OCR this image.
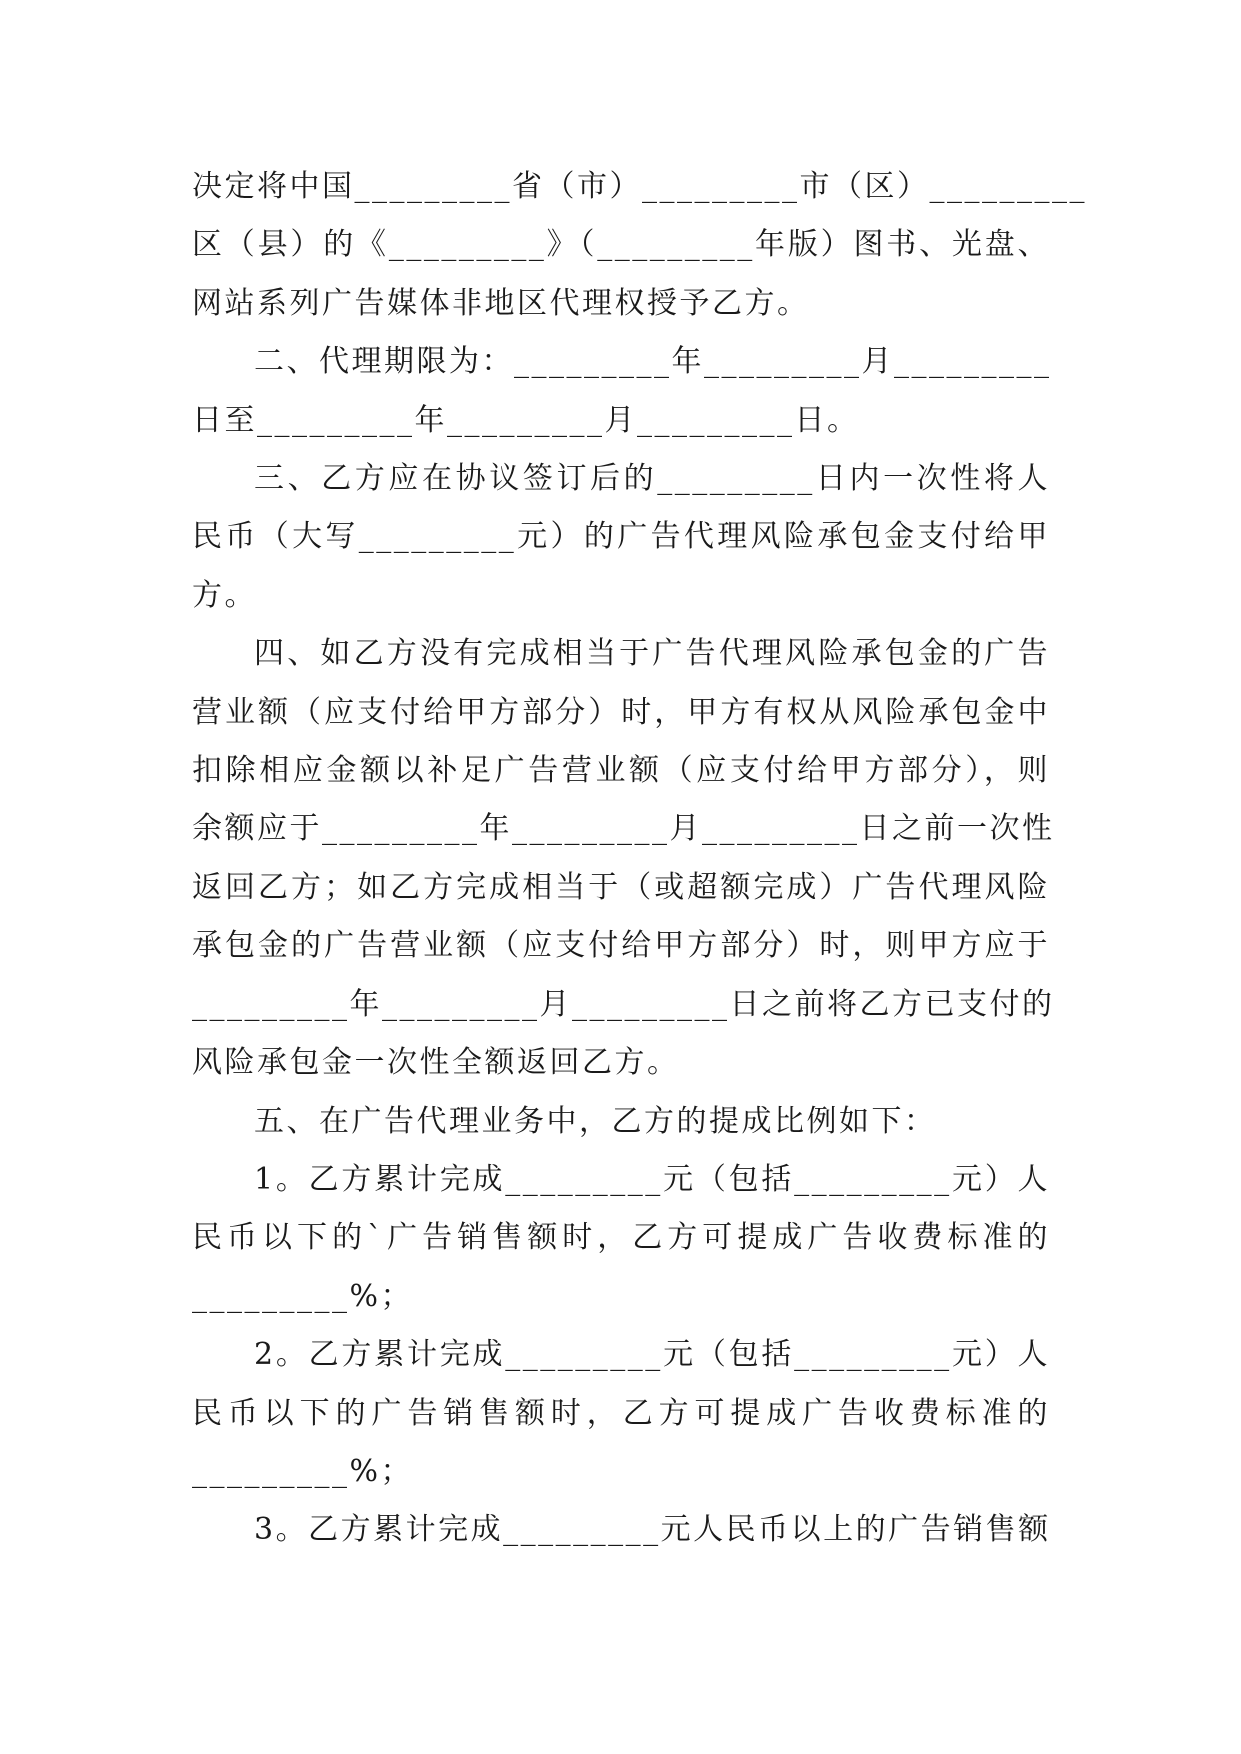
决定将中国_________省（市）_________市（区）_________

区（县）的《_________》（_________年版）图书、光盘、

网站系列广告媒体非地区代理权授予乙方。

二、代理期限为：_________年_________月_________

日至_________年_________月_________日。

三、乙方应在协议签订后的_________日内一次性将人

民币（大写_________元）的广告代理风险承包金支付给甲

方。

四、如乙方没有完成相当于广告代理风险承包金的广告

营业额（应支付给甲方部分）时，甲方有权从风险承包金中

扣除相应金额以补足广告营业额（应支付给甲方部分），则

余额应于_________年_________月_________日之前一次性

返回乙方；如乙方完成相当于（或超额完成）广告代理风险

承包金的广告营业额（应支付给甲方部分）时，则甲方应于

_________年_________月_________日之前将乙方已支付的

风险承包金一次性全额返回乙方。

五、在广告代理业务中，乙方的提成比例如下：

1。乙方累计完成_________元（包括_________元）人

民币以下的`广告销售额时，乙方可提成广告收费标准的

_________%；

2。乙方累计完成_________元（包括_________元）人

民币以下的广告销售额时，乙方可提成广告收费标准的

_________%；

3。乙方累计完成_________元人民币以上的广告销售额
